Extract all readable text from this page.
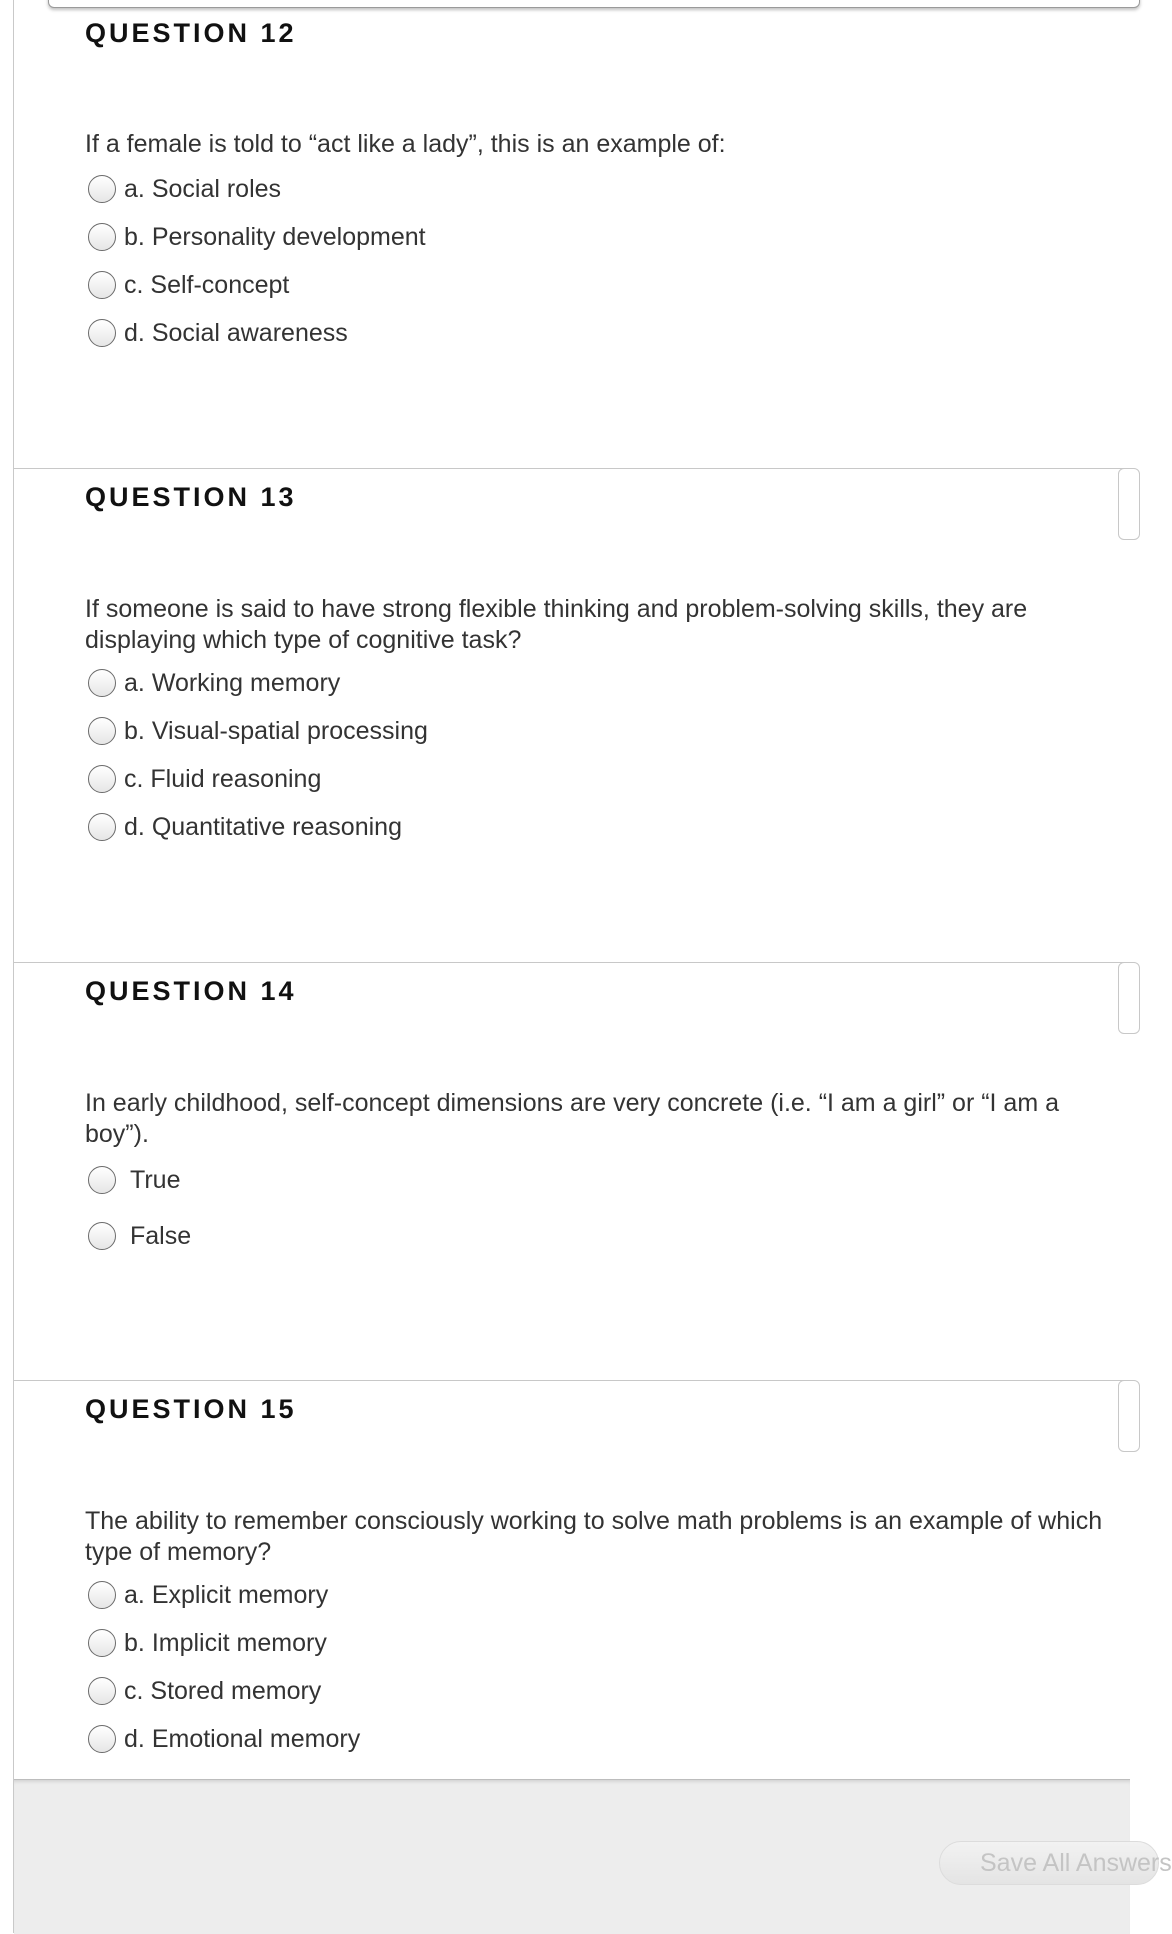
QUESTION 12

If a female is told to “act like a lady”, this is an example of:

a. Social roles
b. Personality development
c. Self-concept
d. Social awareness
QUESTION 13

If someone is said to have strong flexible thinking and problem-solving skills, they are displaying which type of cognitive task?

a. Working memory
b. Visual-spatial processing
c. Fluid reasoning
d. Quantitative reasoning
QUESTION 14

In early childhood, self-concept dimensions are very concrete (i.e. “I am a girl” or “I am a boy”).

True
False
QUESTION 15

The ability to remember consciously working to solve math problems is an example of which type of memory?

a. Explicit memory
b. Implicit memory
c. Stored memory
d. Emotional memory
Save All Answers
